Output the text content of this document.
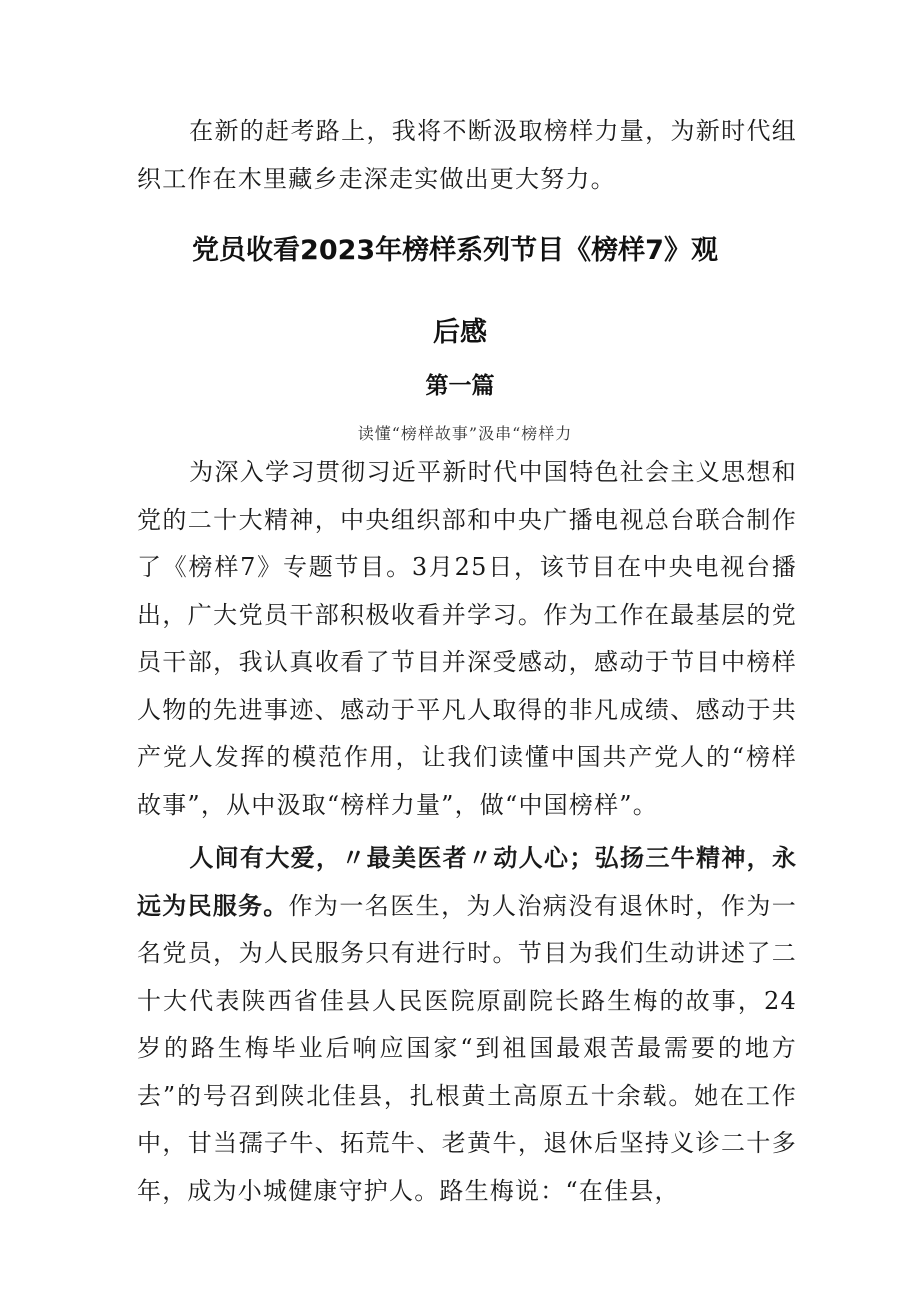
在新的赶考路上，我将不断汲取榜样力量，为新时代组织工作在木里藏乡走深走实做出更大努力。

党员收看2023年榜样系列节目《榜样7》观
后感
第一篇

读懂“榜样故事”汲串“榜样力

为深入学习贯彻习近平新时代中国特色社会主义思想和党的二十大精神，中央组织部和中央广播电视总台联合制作了《榜样7》专题节目。3月25日，该节目在中央电视台播出，广大党员干部积极收看并学习。作为工作在最基层的党员干部，我认真收看了节目并深受感动，感动于节目中榜样人物的先进事迹、感动于平凡人取得的非凡成绩、感动于共产党人发挥的模范作用，让我们读懂中国共产党人的“榜样故事”，从中汲取“榜样力量”，做“中国榜样”。

人间有大爱，〃最美医者〃动人心；弘扬三牛精神，永远为民服务。作为一名医生，为人治病没有退休时，作为一名党员，为人民服务只有进行时。节目为我们生动讲述了二十大代表陕西省佳县人民医院原副院长路生梅的故事，24岁的路生梅毕业后响应国家“到祖国最艰苦最需要的地方去”的号召到陕北佳县，扎根黄土高原五十余载。她在工作中，甘当孺子牛、拓荒牛、老黄牛，退休后坚持义诊二十多年，成为小城健康守护人。路生梅说：“在佳县，
